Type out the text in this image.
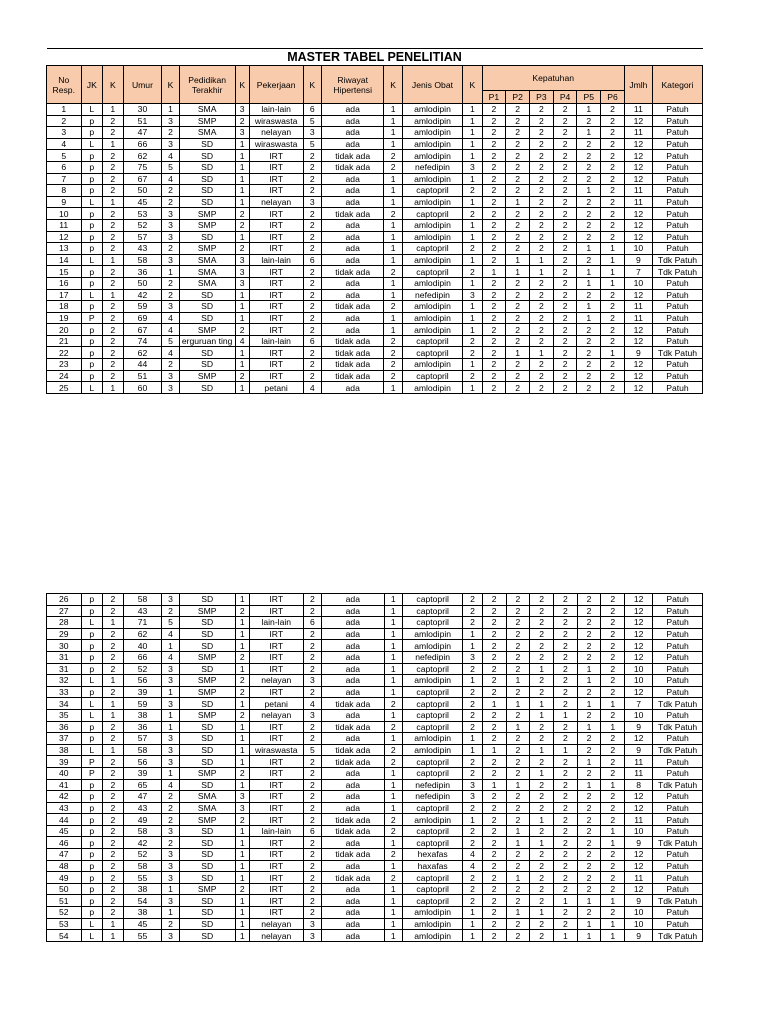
MASTER TABEL PENELITIAN																				
No
Resp.	JK	K	Umur	K	Pedidikan
Terakhir	K	Pekerjaan	K	Riwayat
Hipertensi	K	Jenis Obat	K	Kepatuhan						Jmlh	Kategori
													P1	P2	P3	P4	P5	P6		
1	L	1	30	1	SMA	3	lain-lain	6	ada	1	amlodipin	1	2	2	2	2	1	2	11	Patuh
2	p	2	51	3	SMP	2	wiraswasta	5	ada	1	amlodipin	1	2	2	2	2	2	2	12	Patuh
3	p	2	47	2	SMA	3	nelayan	3	ada	1	amlodipin	1	2	2	2	2	1	2	11	Patuh
4	L	1	66	3	SD	1	wiraswasta	5	ada	1	amlodipin	1	2	2	2	2	2	2	12	Patuh
5	p	2	62	4	SD	1	IRT	2	tidak ada	2	amlodipin	1	2	2	2	2	2	2	12	Patuh
6	p	2	75	5	SD	1	IRT	2	tidak ada	2	nefedipin	3	2	2	2	2	2	2	12	Patuh
7	p	2	67	4	SD	1	IRT	2	ada	1	amlodipin	1	2	2	2	2	2	2	12	Patuh
8	p	2	50	2	SD	1	IRT	2	ada	1	captopril	2	2	2	2	2	1	2	11	Patuh
9	L	1	45	2	SD	1	nelayan	3	ada	1	amlodipin	1	2	1	2	2	2	2	11	Patuh
10	p	2	53	3	SMP	2	IRT	2	tidak ada	2	captopril	2	2	2	2	2	2	2	12	Patuh
11	p	2	52	3	SMP	2	IRT	2	ada	1	amlodipin	1	2	2	2	2	2	2	12	Patuh
12	p	2	57	3	SD	1	IRT	2	ada	1	amlodipin	1	2	2	2	2	2	2	12	Patuh
13	p	2	43	2	SMP	2	IRT	2	ada	1	captopril	2	2	2	2	2	1	1	10	Patuh
14	L	1	58	3	SMA	3	lain-lain	6	ada	1	amlodipin	1	2	1	1	2	2	1	9	Tdk Patuh
15	p	2	36	1	SMA	3	IRT	2	tidak ada	2	captopril	2	1	1	1	2	1	1	7	Tdk Patuh
16	p	2	50	2	SMA	3	IRT	2	ada	1	amlodipin	1	2	2	2	2	1	1	10	Patuh
17	L	1	42	2	SD	1	IRT	2	ada	1	nefedipin	3	2	2	2	2	2	2	12	Patuh
18	p	2	59	3	SD	1	IRT	2	tidak ada	2	amlodipin	1	2	2	2	2	1	2	11	Patuh
19	P	2	69	4	SD	1	IRT	2	ada	1	amlodipin	1	2	2	2	2	1	2	11	Patuh
20	p	2	67	4	SMP	2	IRT	2	ada	1	amlodipin	1	2	2	2	2	2	2	12	Patuh
21	p	2	74	5	erguruan ting	4	lain-lain	6	tidak ada	2	captopril	2	2	2	2	2	2	2	12	Patuh
22	p	2	62	4	SD	1	IRT	2	tidak ada	2	captopril	2	2	1	1	2	2	1	9	Tdk Patuh
23	p	2	44	2	SD	1	IRT	2	tidak ada	2	amlodipin	1	2	2	2	2	2	2	12	Patuh
24	p	2	51	3	SMP	2	IRT	2	tidak ada	2	captopril	2	2	2	2	2	2	2	12	Patuh
25	L	1	60	3	SD	1	petani	4	ada	1	amlodipin	1	2	2	2	2	2	2	12	Patuh
26	p	2	58	3	SD	1	IRT	2	ada	1	captopril	2	2	2	2	2	2	2	12	Patuh
27	p	2	43	2	SMP	2	IRT	2	ada	1	captopril	2	2	2	2	2	2	2	12	Patuh
28	L	1	71	5	SD	1	lain-lain	6	ada	1	captopril	2	2	2	2	2	2	2	12	Patuh
29	p	2	62	4	SD	1	IRT	2	ada	1	amlodipin	1	2	2	2	2	2	2	12	Patuh
30	p	2	40	1	SD	1	IRT	2	ada	1	amlodipin	1	2	2	2	2	2	2	12	Patuh
31	p	2	66	4	SMP	2	IRT	2	ada	1	nefedipin	3	2	2	2	2	2	2	12	Patuh
31	p	2	52	3	SD	1	IRT	2	ada	1	captopril	2	2	2	1	2	1	2	10	Patuh
32	L	1	56	3	SMP	2	nelayan	3	ada	1	amlodipin	1	2	1	2	2	1	2	10	Patuh
33	p	2	39	1	SMP	2	IRT	2	ada	1	captopril	2	2	2	2	2	2	2	12	Patuh
34	L	1	59	3	SD	1	petani	4	tidak ada	2	captopril	2	1	1	1	2	1	1	7	Tdk Patuh
35	L	1	38	1	SMP	2	nelayan	3	ada	1	captopril	2	2	2	1	1	2	2	10	Patuh
36	p	2	36	1	SD	1	IRT	2	tidak ada	2	captopril	2	2	1	2	2	1	1	9	Tdk Patuh
37	p	2	57	3	SD	1	IRT	2	ada	1	amlodipin	1	2	2	2	2	2	2	12	Patuh
38	L	1	58	3	SD	1	wiraswasta	5	tidak ada	2	amlodipin	1	1	2	1	1	2	2	9	Tdk Patuh
39	P	2	56	3	SD	1	IRT	2	tidak ada	2	captopril	2	2	2	2	2	1	2	11	Patuh
40	P	2	39	1	SMP	2	IRT	2	ada	1	captopril	2	2	2	1	2	2	2	11	Patuh
41	p	2	65	4	SD	1	IRT	2	ada	1	nefedipin	3	1	1	2	2	1	1	8	Tdk Patuh
42	p	2	47	2	SMA	3	IRT	2	ada	1	nefedipin	3	2	2	2	2	2	2	12	Patuh
43	p	2	43	2	SMA	3	IRT	2	ada	1	captopril	2	2	2	2	2	2	2	12	Patuh
44	p	2	49	2	SMP	2	IRT	2	tidak ada	2	amlodipin	1	2	2	1	2	2	2	11	Patuh
45	p	2	58	3	SD	1	lain-lain	6	tidak ada	2	captopril	2	2	1	2	2	2	1	10	Patuh
46	p	2	42	2	SD	1	IRT	2	ada	1	captopril	2	2	1	1	2	2	1	9	Tdk Patuh
47	p	2	52	3	SD	1	IRT	2	tidak ada	2	hexafas	4	2	2	2	2	2	2	12	Patuh
48	p	2	58	3	SD	1	IRT	2	ada	1	haxafas	4	2	2	2	2	2	2	12	Patuh
49	p	2	55	3	SD	1	IRT	2	tidak ada	2	captopril	2	2	1	2	2	2	2	11	Patuh
50	p	2	38	1	SMP	2	IRT	2	ada	1	captopril	2	2	2	2	2	2	2	12	Patuh
51	p	2	54	3	SD	1	IRT	2	ada	1	captopril	2	2	2	2	1	1	1	9	Tdk Patuh
52	p	2	38	1	SD	1	IRT	2	ada	1	amlodipin	1	2	1	1	2	2	2	10	Patuh
53	L	1	45	2	SD	1	nelayan	3	ada	1	amlodipin	1	2	2	2	2	1	1	10	Patuh
54	L	1	55	3	SD	1	nelayan	3	ada	1	amlodipin	1	2	2	2	1	1	1	9	Tdk Patuh
